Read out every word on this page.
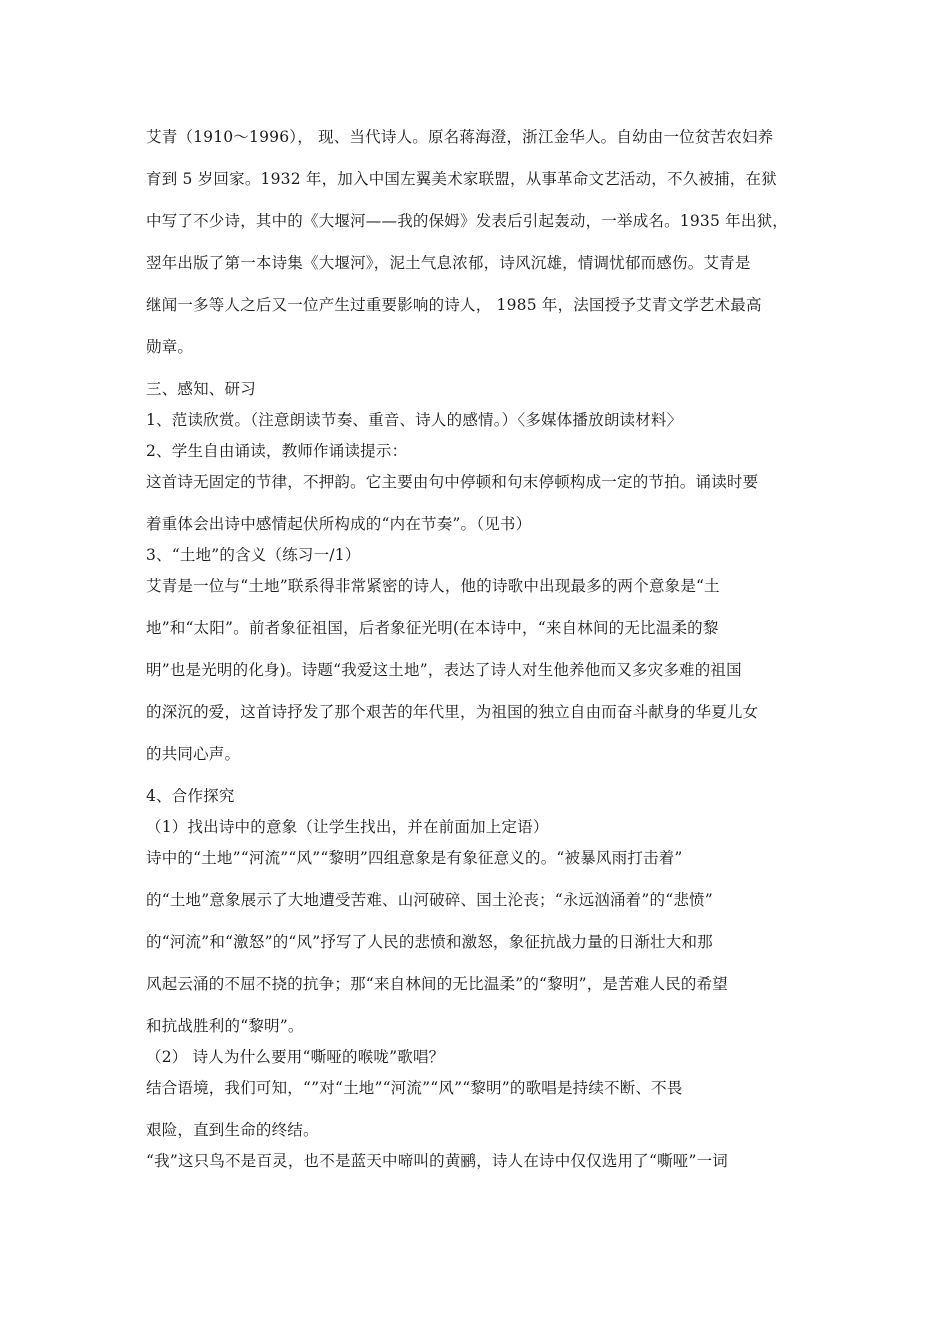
艾青（1910～1996）， 现、当代诗人。原名蒋海澄，浙江金华人。自幼由一位贫苦农妇养
育到 5 岁回家。1932 年，加入中国左翼美术家联盟，从事革命文艺活动，不久被捕，在狱
中写了不少诗，其中的《大堰河——我的保姆》发表后引起轰动，一举成名。1935 年出狱，
翌年出版了第一本诗集《大堰河》，泥土气息浓郁，诗风沉雄，情调忧郁而感伤。艾青是
继闻一多等人之后又一位产生过重要影响的诗人， 1985 年，法国授予艾青文学艺术最高
勋章。
三、感知、研习
1、范读欣赏。（注意朗读节奏、重音、诗人的感情。）〈多媒体播放朗读材料〉
2、学生自由诵读，教师作诵读提示：
这首诗无固定的节律，不押韵。它主要由句中停顿和句末停顿构成一定的节拍。诵读时要
着重体会出诗中感情起伏所构成的“内在节奏”。（见书）
3、“土地”的含义（练习一/1）
艾青是一位与“土地”联系得非常紧密的诗人，他的诗歌中出现最多的两个意象是“土
地”和“太阳”。前者象征祖国，后者象征光明(在本诗中，“来自林间的无比温柔的黎
明”也是光明的化身)。诗题“我爱这土地”，表达了诗人对生他养他而又多灾多难的祖国
的深沉的爱，这首诗抒发了那个艰苦的年代里，为祖国的独立自由而奋斗献身的华夏儿女
的共同心声。
4、合作探究
（1）找出诗中的意象（让学生找出，并在前面加上定语）
诗中的“土地”“河流”“风”“黎明”四组意象是有象征意义的。“被暴风雨打击着”
的“土地”意象展示了大地遭受苦难、山河破碎、国土沦丧；“永远汹涌着”的“悲愤”
的“河流”和“激怒”的“风”抒写了人民的悲愤和激怒，象征抗战力量的日渐壮大和那
风起云涌的不屈不挠的抗争；那“来自林间的无比温柔”的“黎明”，是苦难人民的希望
和抗战胜利的“黎明”。
（2） 诗人为什么要用“嘶哑的喉咙”歌唱？
结合语境，我们可知，“”对“土地”“河流”“风”“黎明”的歌唱是持续不断、不畏
艰险，直到生命的终结。
“我”这只鸟不是百灵，也不是蓝天中啼叫的黄鹂，诗人在诗中仅仅选用了“嘶哑”一词
